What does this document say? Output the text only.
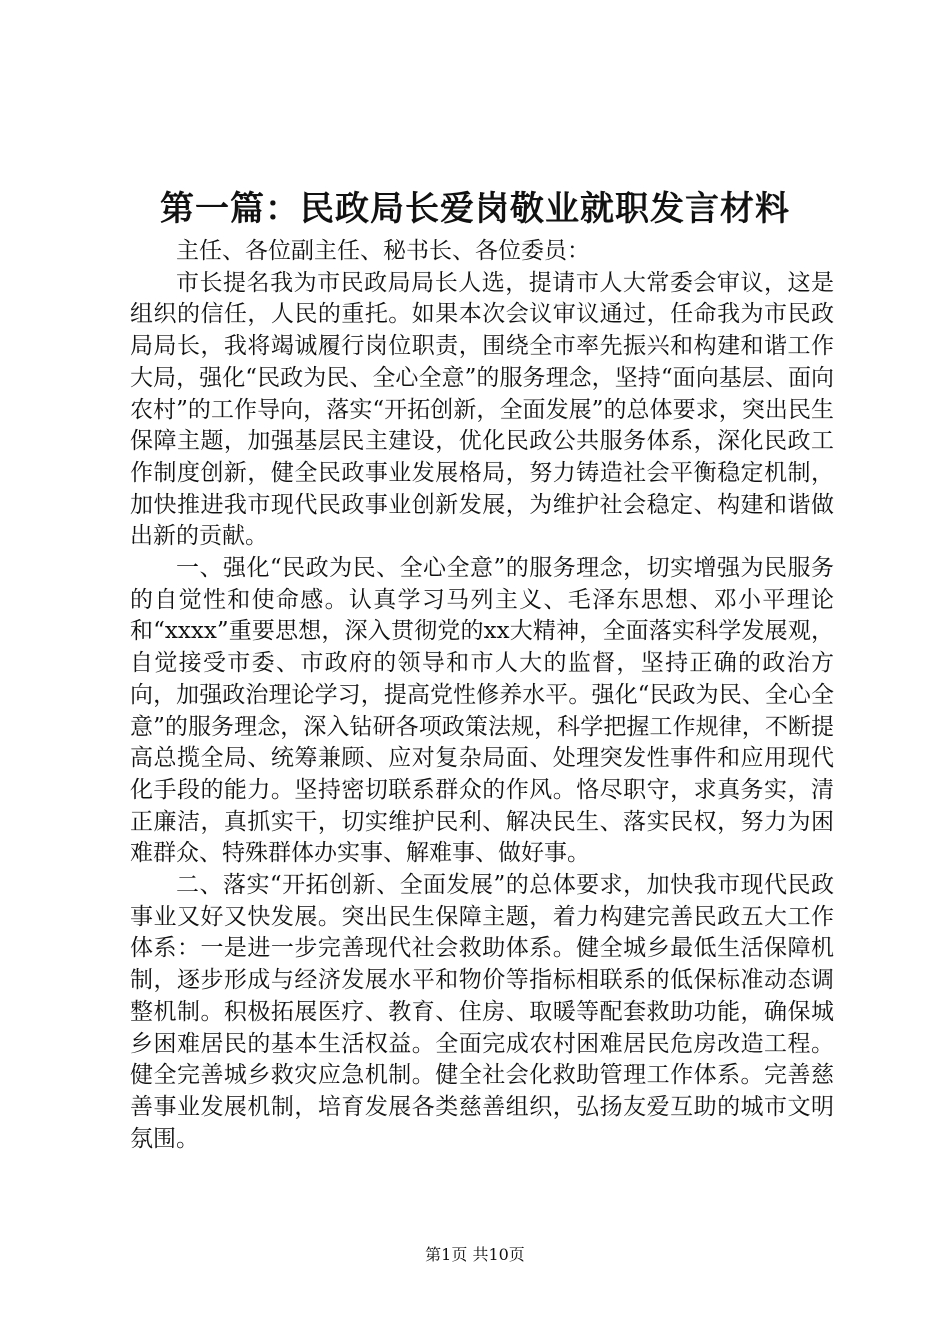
第一篇：民政局长爱岗敬业就职发言材料

主任、各位副主任、秘书长、各位委员：

市长提名我为市民政局局长人选，提请市人大常委会审议，这是组织的信任，人民的重托。如果本次会议审议通过，任命我为市民政局局长，我将竭诚履行岗位职责，围绕全市率先振兴和构建和谐工作大局，强化“民政为民、全心全意”的服务理念，坚持“面向基层、面向农村”的工作导向，落实“开拓创新，全面发展”的总体要求，突出民生保障主题，加强基层民主建设，优化民政公共服务体系，深化民政工作制度创新，健全民政事业发展格局，努力铸造社会平衡稳定机制，加快推进我市现代民政事业创新发展，为维护社会稳定、构建和谐做出新的贡献。

一、强化“民政为民、全心全意”的服务理念，切实增强为民服务的自觉性和使命感。认真学习马列主义、毛泽东思想、邓小平理论和“xxxx”重要思想，深入贯彻党的xx大精神，全面落实科学发展观，自觉接受市委、市政府的领导和市人大的监督，坚持正确的政治方向，加强政治理论学习，提高党性修养水平。强化“民政为民、全心全意”的服务理念，深入钻研各项政策法规，科学把握工作规律，不断提高总揽全局、统筹兼顾、应对复杂局面、处理突发性事件和应用现代化手段的能力。坚持密切联系群众的作风。恪尽职守，求真务实，清正廉洁，真抓实干，切实维护民利、解决民生、落实民权，努力为困难群众、特殊群体办实事、解难事、做好事。

二、落实“开拓创新、全面发展”的总体要求，加快我市现代民政事业又好又快发展。突出民生保障主题，着力构建完善民政五大工作体系：一是进一步完善现代社会救助体系。健全城乡最低生活保障机制，逐步形成与经济发展水平和物价等指标相联系的低保标准动态调整机制。积极拓展医疗、教育、住房、取暖等配套救助功能，确保城乡困难居民的基本生活权益。全面完成农村困难居民危房改造工程。健全完善城乡救灾应急机制。健全社会化救助管理工作体系。完善慈善事业发展机制，培育发展各类慈善组织，弘扬友爱互助的城市文明氛围。

第1页 共10页
